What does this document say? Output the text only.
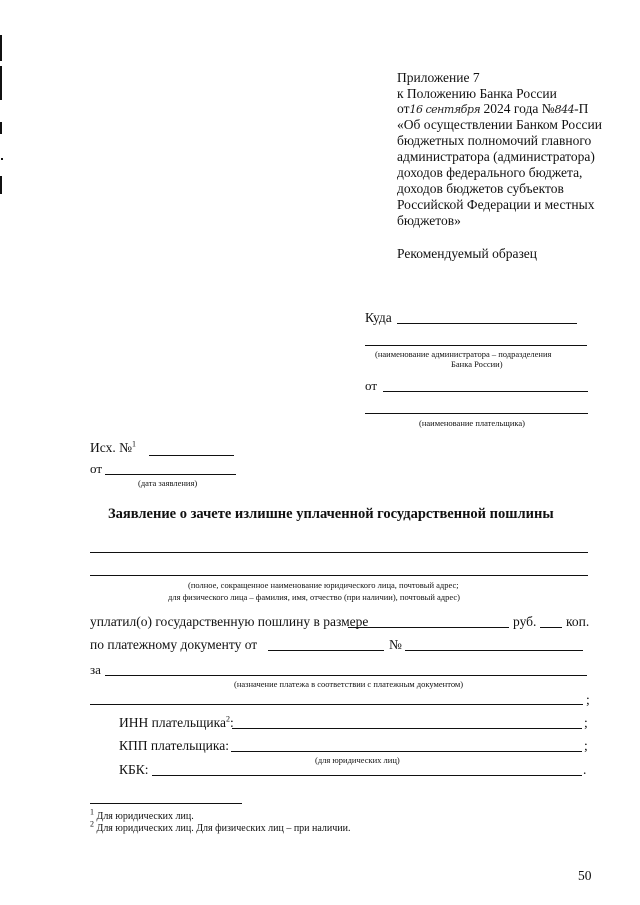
Приложение 7
к Положению Банка России
от16 сентября 2024 года №844-П
«Об осуществлении Банком России
бюджетных полномочий главного
администратора (администратора)
доходов федерального бюджета,
доходов бюджетов субъектов
Российской Федерации и местных
бюджетов»
Рекомендуемый образец
Куда
(наименование администратора – подразделения
Банка России)
от
(наименование плательщика)
Исх. №$^1$
от
(дата заявления)
Заявление о зачете излишне уплаченной государственной пошлины
(полное, сокращенное наименование юридического лица, почтовый адрес;
для физического лица – фамилия, имя, отчество (при наличии), почтовый адрес)
уплатил(о) государственную пошлину в размере	руб. коп.
по платежному документу от	№
за
(назначение платежа в соответствии с платежным документом)
;
ИНН плательщика$^2$:	;
КПП плательщика:	;
(для юридических лиц)
КБК:	.
$^1$ Для юридических лиц.
$^2$ Для юридических лиц. Для физических лиц – при наличии.
50
